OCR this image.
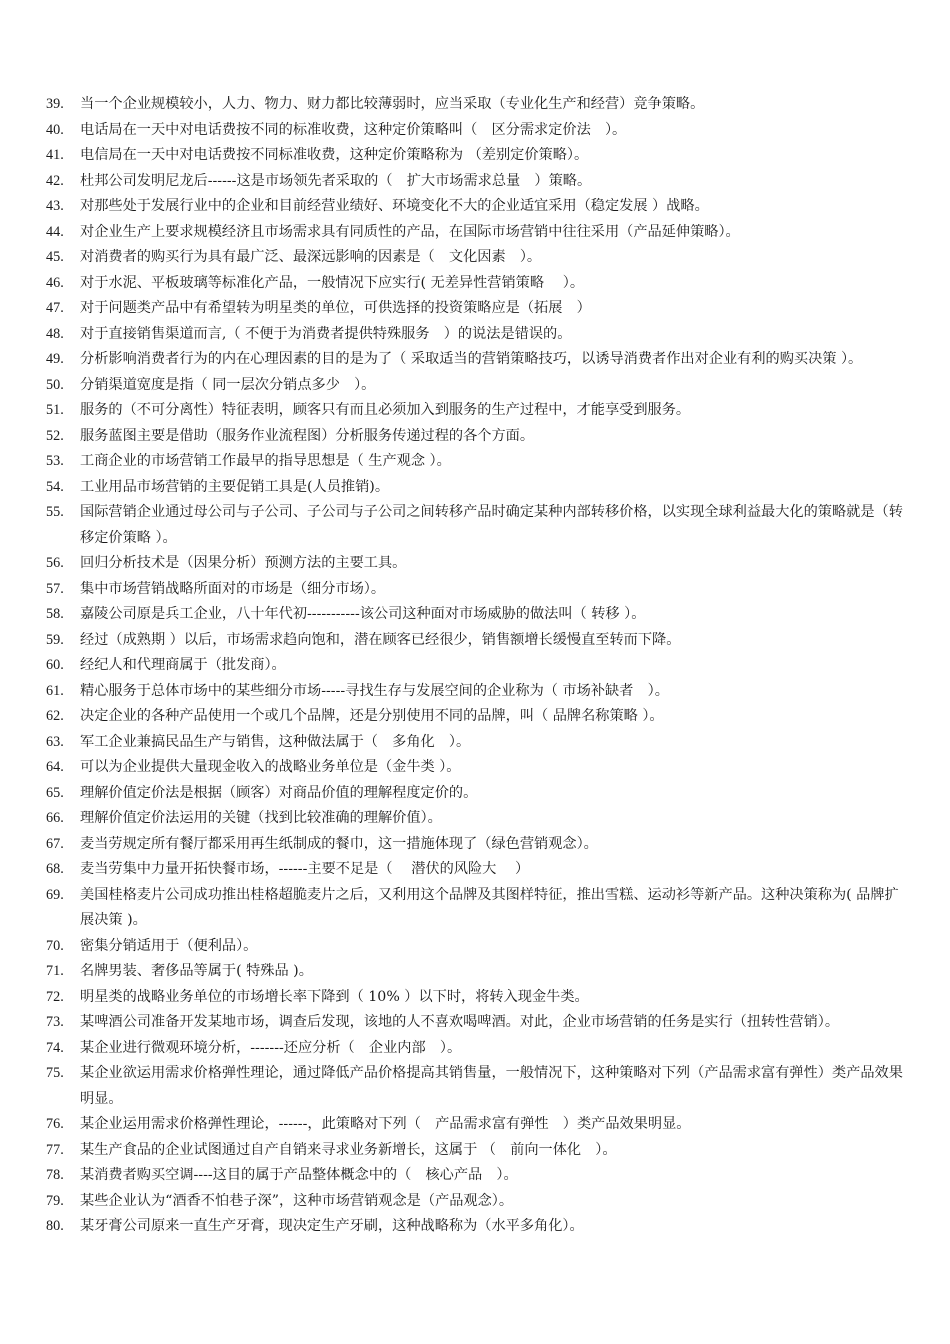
39.	当一个企业规模较小，人力、物力、财力都比较薄弱时，应当采取（专业化生产和经营）竞争策略。
40.	电话局在一天中对电话费按不同的标准收费，这种定价策略叫（　区分需求定价法　）。
41.	电信局在一天中对电话费按不同标准收费，这种定价策略称为 （差别定价策略）。
42.	杜邦公司发明尼龙后------这是市场领先者采取的（　扩大市场需求总量　）策略。
43.	对那些处于发展行业中的企业和目前经营业绩好、环境变化不大的企业适宜采用（稳定发展 ）战略。
44.	对企业生产上要求规模经济且市场需求具有同质性的产品，在国际市场营销中往往采用（产品延伸策略）。
45.	对消费者的购买行为具有最广泛、最深远影响的因素是（　文化因素　）。
46.	对于水泥、平板玻璃等标准化产品，一般情况下应实行( 无差异性营销策略　 ）。
47.	对于问题类产品中有希望转为明星类的单位，可供选择的投资策略应是（拓展　）
48.	对于直接销售渠道而言,（ 不便于为消费者提供特殊服务　）的说法是错误的。
49.	分析影响消费者行为的内在心理因素的目的是为了（ 采取适当的营销策略技巧，以诱导消费者作出对企业有利的购买决策 ）。
50.	分销渠道宽度是指（ 同一层次分销点多少　）。
51.	服务的（不可分离性）特征表明，顾客只有而且必须加入到服务的生产过程中，才能享受到服务。
52.	服务蓝图主要是借助（服务作业流程图）分析服务传递过程的各个方面。
53.	工商企业的市场营销工作最早的指导思想是（ 生产观念 ）。
54.	工业用品市场营销的主要促销工具是(人员推销)。
55.	国际营销企业通过母公司与子公司、子公司与子公司之间转移产品时确定某种内部转移价格，以实现全球利益最大化的策略就是（转移定价策略 ）。
56.	回归分析技术是（因果分析）预测方法的主要工具。
57.	集中市场营销战略所面对的市场是（细分市场）。
58.	嘉陵公司原是兵工企业，八十年代初-----------该公司这种面对市场威胁的做法叫（ 转移 ）。
59.	经过（成熟期 ）以后，市场需求趋向饱和，潜在顾客已经很少，销售额增长缓慢直至转而下降。
60.	经纪人和代理商属于（批发商）。
61.	精心服务于总体市场中的某些细分市场-----寻找生存与发展空间的企业称为（ 市场补缺者　）。
62.	决定企业的各种产品使用一个或几个品牌，还是分别使用不同的品牌，叫（ 品牌名称策略 ）。
63.	军工企业兼搞民品生产与销售，这种做法属于（　多角化　）。
64.	可以为企业提供大量现金收入的战略业务单位是（金牛类 ）。
65.	理解价值定价法是根据（顾客）对商品价值的理解程度定价的。
66.	理解价值定价法运用的关键（找到比较准确的理解价值）。
67.	麦当劳规定所有餐厅都采用再生纸制成的餐巾，这一措施体现了（绿色营销观念）。
68.	麦当劳集中力量开拓快餐市场，------主要不足是（　 潜伏的风险大　 ）
69.	美国桂格麦片公司成功推出桂格超脆麦片之后，又利用这个品牌及其图样特征，推出雪糕、运动衫等新产品。这种决策称为( 品牌扩展决策 )。
70.	密集分销适用于（便利品）。
71.	名牌男装、奢侈品等属于( 特殊品 )。
72.	明星类的战略业务单位的市场增长率下降到（ 10% ）以下时，将转入现金牛类。
73.	某啤酒公司准备开发某地市场，调查后发现，该地的人不喜欢喝啤酒。对此，企业市场营销的任务是实行（扭转性营销）。
74.	某企业进行微观环境分析，-------还应分析（　企业内部　）。
75.	某企业欲运用需求价格弹性理论，通过降低产品价格提高其销售量，一般情况下，这种策略对下列（产品需求富有弹性）类产品效果明显。
76.	某企业运用需求价格弹性理论，------，此策略对下列（　产品需求富有弹性　）类产品效果明显。
77.	某生产食品的企业试图通过自产自销来寻求业务新增长，这属于 （　前向一体化　）。
78.	某消费者购买空调----这目的属于产品整体概念中的（　核心产品　）。
79.	某些企业认为“酒香不怕巷子深”，这种市场营销观念是（产品观念）。
80.	某牙膏公司原来一直生产牙膏，现决定生产牙刷，这种战略称为（水平多角化）。
